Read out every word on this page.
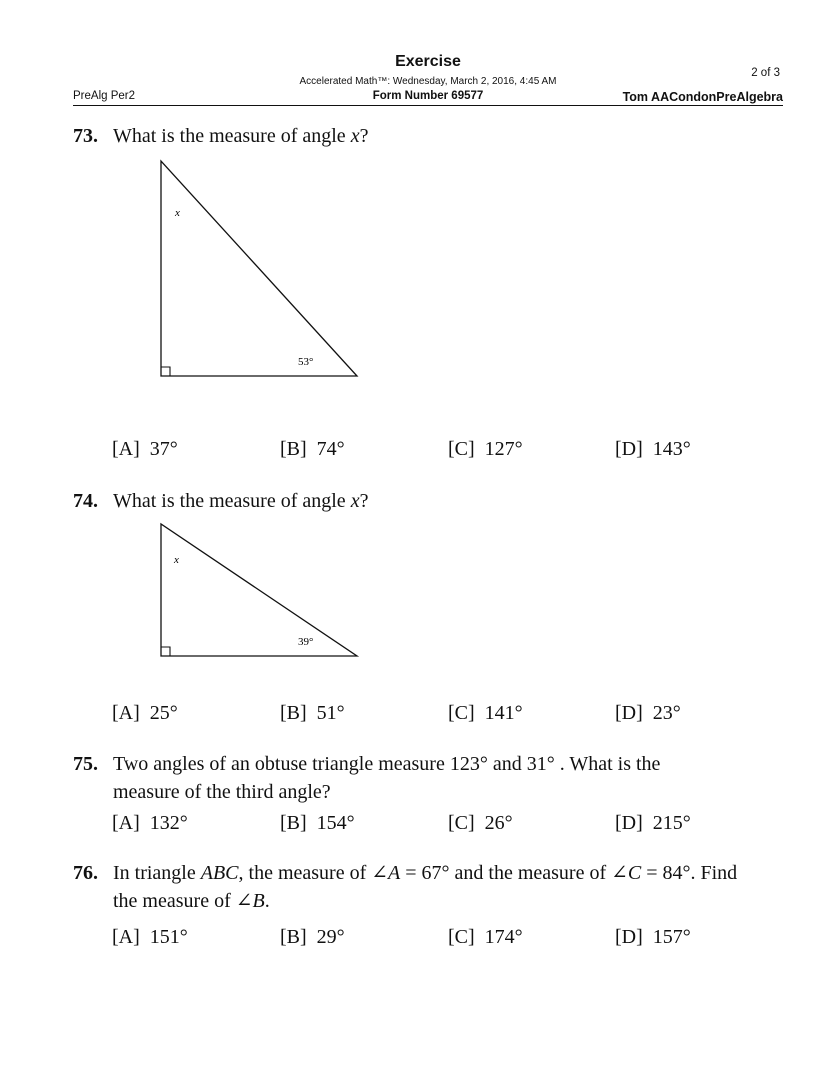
Exercise
Accelerated Math™: Wednesday, March 2, 2016, 4:45 AM
2 of 3
PreAlg Per2	Form Number 69577	Tom AACondonPreAlgebra
73. What is the measure of angle x?
x
53°
x
39°
[A] 37°	[B] 74°	[C] 127°	[D] 143°
74. What is the measure of angle x?
[A] 25°	[B] 51°	[C] 141°	[D] 23°
75. Two angles of an obtuse triangle measure 123° and 31° . What is the
measure of the third angle?
[A] 132°	[B] 154°	[C] 26°	[D] 215°
76. In triangle ABC, the measure of ∠A = 67° and the measure of ∠C = 84°. Find
the measure of ∠B.
[A] 151°	[B] 29°	[C] 174°	[D] 157°
